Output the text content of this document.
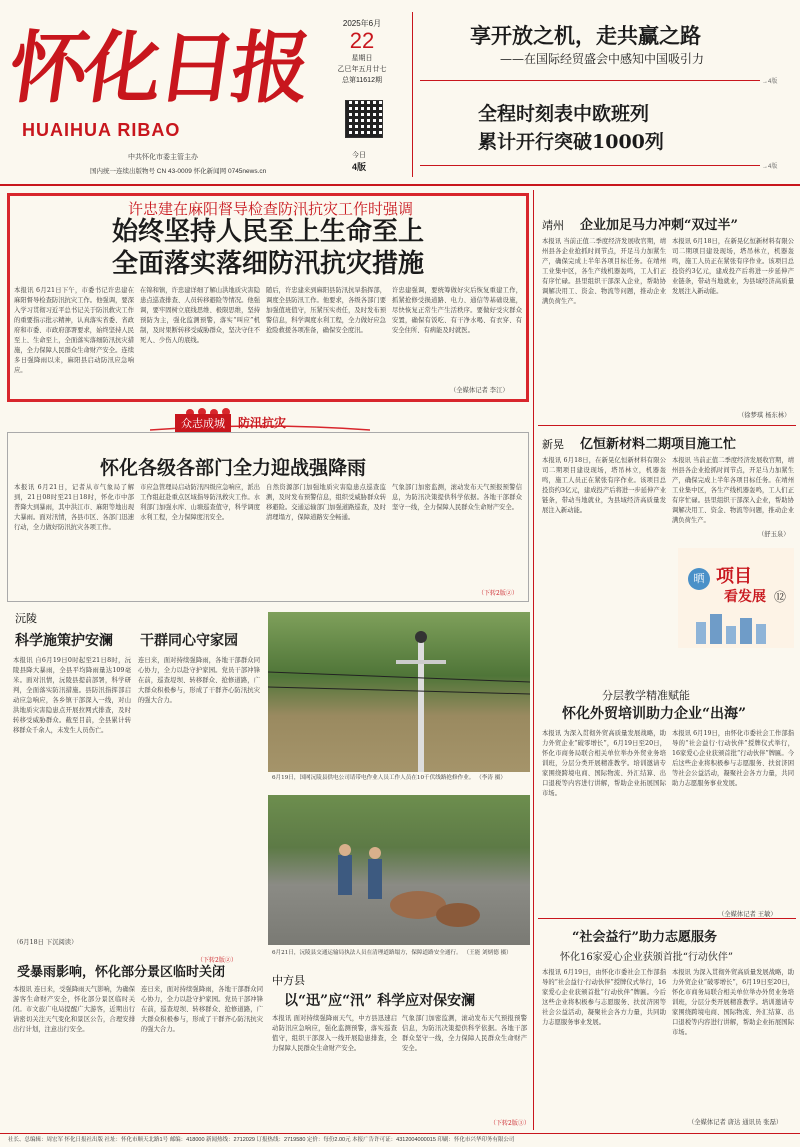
怀化日报
HUAIHUA RIBAO
中共怀化市委主管主办
国内统一连续出版物号 CN 43-0009 怀化新闻网 0745news.cn
2025年6月
22
星期日
乙巳年五月廿七
总第11612期
今日
4版
享开放之机，走共赢之路
——在国际经贸盛会中感知中国吸引力
→4版
全程时刻表中欧班列
累计开行突破1000列
→4版
许忠建在麻阳督导检查防汛抗灾工作时强调
始终坚持人民至上生命至上
全面落实落细防汛抗灾措施
本报讯 6月21日下午，市委书记许忠建在麻阳督导检查防汛抗灾工作。他强调，要深入学习贯彻习近平总书记关于防汛救灾工作的重要指示批示精神，认真落实省委、省政府和市委、市政府部署要求，始终坚持人民至上、生命至上，全面落实落细防汛抗灾措施，全力保障人民群众生命财产安全。连续多日强降雨以来，麻阳县启动防汛应急响应。
在锦和镇，许忠建详细了解山洪地质灾害隐患点巡查排查、人员转移避险等情况。他强调，要牢固树立底线思维、极限思维，坚持预防为主，强化监测预警，落实“叫应”机制，及时果断转移受威胁群众，坚决守住不死人、少伤人的底线。
随后，许忠建来到麻阳县防汛抗旱指挥部，调度全县防汛工作。他要求，各级各部门要加强值班值守，压紧压实责任，及时发布预警信息，科学调度水利工程，全力做好应急抢险救援各项准备，确保安全度汛。
许忠建强调，要统筹做好灾后恢复重建工作，抓紧抢修受损道路、电力、通信等基础设施，尽快恢复正常生产生活秩序。要做好受灾群众安置，确保有饭吃、有干净水喝、有衣穿、有安全住所、有病能及时就医。
（全媒体记者 李江）
众志成城	防汛抗灾
怀化各级各部门全力迎战强降雨
本报讯 6月21日，记者从市气象局了解到，21日08时至21日18时，怀化市中部普降大到暴雨，其中洪江市、麻阳等地出现大暴雨。面对汛情，各县市区、各部门迅速行动，全力做好防汛抗灾各项工作。
市应急管理局启动防汛四级应急响应，派出工作组赶赴重点区域指导防汛救灾工作。水利部门加强水库、山塘巡查值守，科学调度水利工程，全力保障度汛安全。
自然资源部门加强地质灾害隐患点巡查监测，及时发布预警信息，组织受威胁群众转移避险。交通运输部门加强道路巡查，及时清理塌方，保障道路安全畅通。
气象部门加密监测，滚动发布天气预报预警信息，为防汛决策提供科学依据。各地干部群众坚守一线，全力保障人民群众生命财产安全。
（下转2版②）
沅陵
科学施策护安澜
本报讯 自6月19日0时起至21日8时，沅陵县降大暴雨，全县平均降雨量达109毫米。面对汛情，沅陵县提前部署，科学研判，全面落实防汛措施。县防汛指挥部启动应急响应，各乡镇干部深入一线，对山洪地质灾害隐患点开展拉网式排查，及时转移受威胁群众。截至目前，全县累计转移群众千余人，未发生人员伤亡。
（6月18日 下沉阅读）
干群同心守家园
连日来，面对持续强降雨，各地干部群众同心协力，全力以赴守护家园。党员干部冲锋在前，巡查堤坝、转移群众、抢修道路，广大群众积极参与，形成了干群齐心防汛抗灾的强大合力。
6月19日，国网沅陵县供电公司请带电作业人员工作人员在10千伏线路抢修作业。 （李涛 摄）
6月21日，沅陵县交通运输局执法人员在清理道路塌方，保障道路安全通行。 （王能 刘炳德 摄）
受暴雨影响，怀化部分景区临时关闭
本报讯 连日来，受强降雨天气影响，为确保游客生命财产安全，怀化部分景区临时关闭。市文旅广电局提醒广大游客，近期出行请密切关注天气变化和景区公告，合理安排出行计划，注意出行安全。
连日来，面对持续强降雨，各地干部群众同心协力，全力以赴守护家园。党员干部冲锋在前，巡查堤坝、转移群众、抢修道路，广大群众积极参与，形成了干群齐心防汛抗灾的强大合力。
（下转2版②）
中方县
以“迅”应“汛” 科学应对保安澜
本报讯 面对持续强降雨天气，中方县迅速启动防汛应急响应，强化监测预警，落实巡查值守，组织干部深入一线开展隐患排查，全力保障人民群众生命财产安全。
气象部门加密监测，滚动发布天气预报预警信息，为防汛决策提供科学依据。各地干部群众坚守一线，全力保障人民群众生命财产安全。
（下转2版③）
靖州 企业加足马力冲刺“双过半”
本报讯 当前正值二季度经济发展收官期，靖州县各企业抢抓时间节点，开足马力加紧生产，确保完成上半年各项目标任务。在靖州工业集中区，各生产线机器轰鸣，工人们正有序忙碌。县里组织干部深入企业，帮助协调解决用工、资金、物流等问题，推动企业满负荷生产。
本报讯 6月18日，在新晃亿恒新材料有限公司二期项目建设现场，塔吊林立，机器轰鸣，施工人员正在紧张有序作业。该项目总投资约3亿元，建成投产后将进一步延伸产业链条，带动当地就业，为县域经济高质量发展注入新动能。
（徐梦琪 杨东林）
新晃 亿恒新材料二期项目施工忙
本报讯 6月18日，在新晃亿恒新材料有限公司二期项目建设现场，塔吊林立，机器轰鸣，施工人员正在紧张有序作业。该项目总投资约3亿元，建成投产后将进一步延伸产业链条，带动当地就业，为县域经济高质量发展注入新动能。
本报讯 当前正值二季度经济发展收官期，靖州县各企业抢抓时间节点，开足马力加紧生产，确保完成上半年各项目标任务。在靖州工业集中区，各生产线机器轰鸣，工人们正有序忙碌。县里组织干部深入企业，帮助协调解决用工、资金、物流等问题，推动企业满负荷生产。
（舒玉泉）
晒 项目
看发展 ⑫
分层教学精准赋能
怀化外贸培训助力企业“出海”
本报讯 为深入贯彻外贸高质量发展战略，助力外贸企业“破零增长”，6月19日至20日，怀化市商务局联合相关单位举办外贸业务培训班，分层分类开展精准教学。培训邀请专家围绕跨境电商、国际物流、外汇结算、出口退税等内容进行讲解，帮助企业拓展国际市场。
本报讯 6月19日，由怀化市委社会工作部指导的“社会益行·行动伙伴”授牌仪式举行，16家爱心企业获颁首批“行动伙伴”牌匾。今后这些企业将积极参与志愿服务、扶贫济困等社会公益活动，凝聚社会各方力量，共同助力志愿服务事业发展。
（全媒体记者 王敏）
“社会益行”助力志愿服务
怀化16家爱心企业获颁首批“行动伙伴”
本报讯 6月19日，由怀化市委社会工作部指导的“社会益行·行动伙伴”授牌仪式举行，16家爱心企业获颁首批“行动伙伴”牌匾。今后这些企业将积极参与志愿服务、扶贫济困等社会公益活动，凝聚社会各方力量，共同助力志愿服务事业发展。
本报讯 为深入贯彻外贸高质量发展战略，助力外贸企业“破零增长”，6月19日至20日，怀化市商务局联合相关单位举办外贸业务培训班，分层分类开展精准教学。培训邀请专家围绕跨境电商、国际物流、外汇结算、出口退税等内容进行讲解，帮助企业拓展国际市场。
（全媒体记者 唐达 通讯员 张磊）
社长、总编辑：周宏军 怀化日报社出版 社址：怀化市顺天北路1号 邮编：418000 新闻热线：2712029 订报热线：2719580 定价：每份2.00元 本报广告许可证：4312004000015 印刷：怀化市兴华印务有限公司
